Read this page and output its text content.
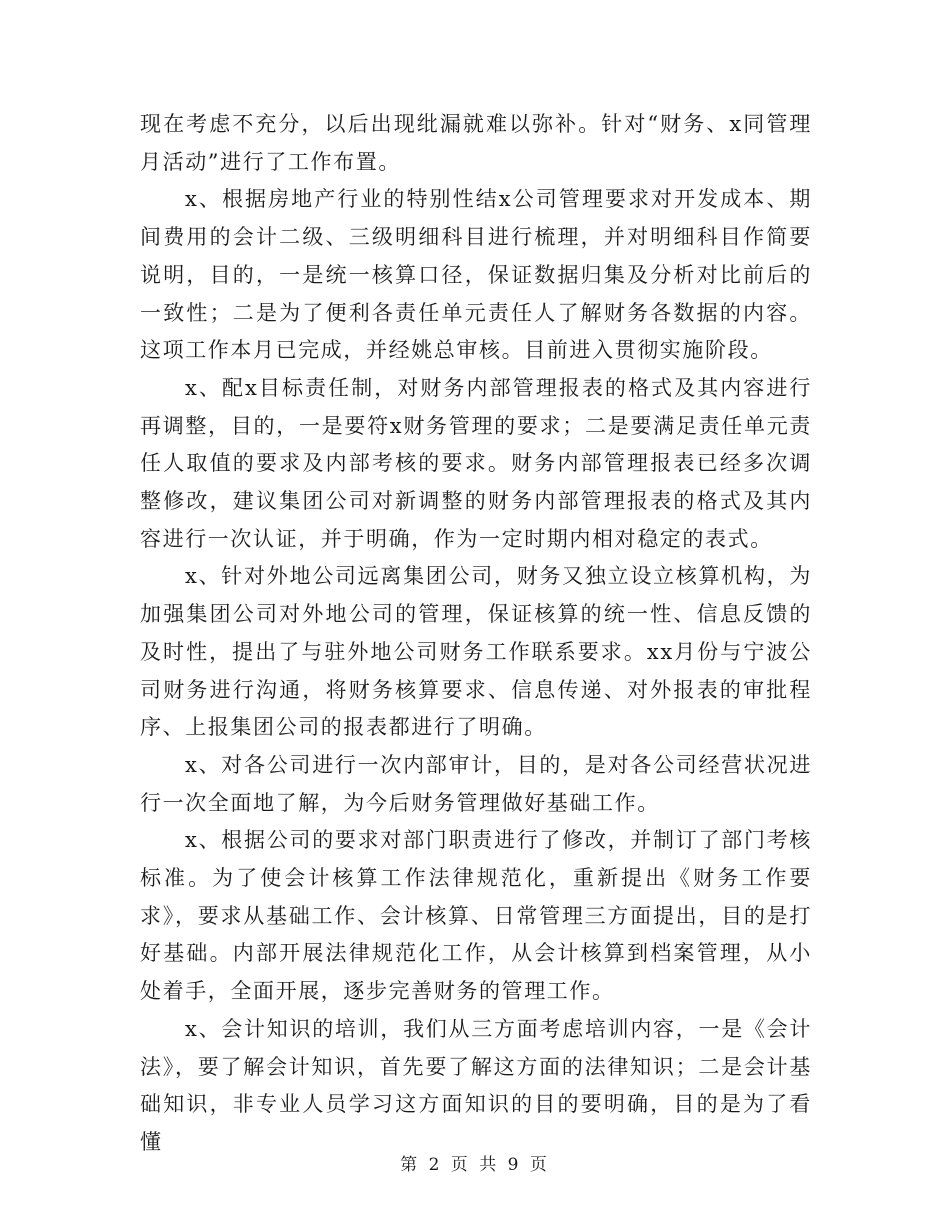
现在考虑不充分，以后出现纰漏就难以弥补。针对“财务、x同管理月活动”进行了工作布置。

x、根据房地产行业的特别性结x公司管理要求对开发成本、期间费用的会计二级、三级明细科目进行梳理，并对明细科目作简要说明，目的，一是统一核算口径，保证数据归集及分析对比前后的一致性；二是为了便利各责任单元责任人了解财务各数据的内容。这项工作本月已完成，并经姚总审核。目前进入贯彻实施阶段。

x、配x目标责任制，对财务内部管理报表的格式及其内容进行再调整，目的，一是要符x财务管理的要求；二是要满足责任单元责任人取值的要求及内部考核的要求。财务内部管理报表已经多次调整修改，建议集团公司对新调整的财务内部管理报表的格式及其内容进行一次认证，并于明确，作为一定时期内相对稳定的表式。

x、针对外地公司远离集团公司，财务又独立设立核算机构，为加强集团公司对外地公司的管理，保证核算的统一性、信息反馈的及时性，提出了与驻外地公司财务工作联系要求。xx月份与宁波公司财务进行沟通，将财务核算要求、信息传递、对外报表的审批程序、上报集团公司的报表都进行了明确。

x、对各公司进行一次内部审计，目的，是对各公司经营状况进行一次全面地了解，为今后财务管理做好基础工作。

x、根据公司的要求对部门职责进行了修改，并制订了部门考核标准。为了使会计核算工作法律规范化，重新提出《财务工作要求》，要求从基础工作、会计核算、日常管理三方面提出，目的是打好基础。内部开展法律规范化工作，从会计核算到档案管理，从小处着手，全面开展，逐步完善财务的管理工作。

x、会计知识的培训，我们从三方面考虑培训内容，一是《会计法》，要了解会计知识，首先要了解这方面的法律知识；二是会计基础知识，非专业人员学习这方面知识的目的要明确，目的是为了看懂

第 2 页 共 9 页
